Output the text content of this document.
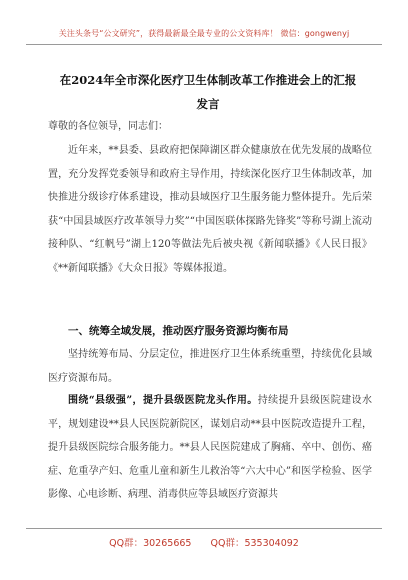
关注头条号“公文研究”，获得最新最全最专业的公文资料库！ 微信：gongwenyj
在2024年全市深化医疗卫生体制改革工作推进会上的汇报
发言
尊敬的各位领导，同志们：
近年来，**县委、县政府把保障湖区群众健康放在优先发展的战略位置，充分发挥党委领导和政府主导作用，持续深化医疗卫生体制改革，加快推进分级诊疗体系建设，推动县域医疗卫生服务能力整体提升。先后荣获“中国县域医疗改革领导力奖”“中国医联体探路先锋奖”等称号湖上流动接种队、“红帆号”湖上120等做法先后被央视《新闻联播》《人民日报》《**新闻联播》《大众日报》等媒体报道。
一、统筹全域发展，推动医疗服务资源均衡布局
坚持统筹布局、分层定位，推进医疗卫生体系统重塑，持续优化县域医疗资源布局。
围绕“县级强”，提升县级医院龙头作用。持续提升县级医院建设水平，规划建设**县人民医院新院区，谋划启动**县中医院改造提升工程，提升县级医院综合服务能力。**县人民医院建成了胸痛、卒中、创伤、癌症、危重孕产妇、危重儿童和新生儿救治等“六大中心”和医学检验、医学影像、心电诊断、病理、消毒供应等县域医疗资源共
QQ群：30265665 QQ群：535304092
